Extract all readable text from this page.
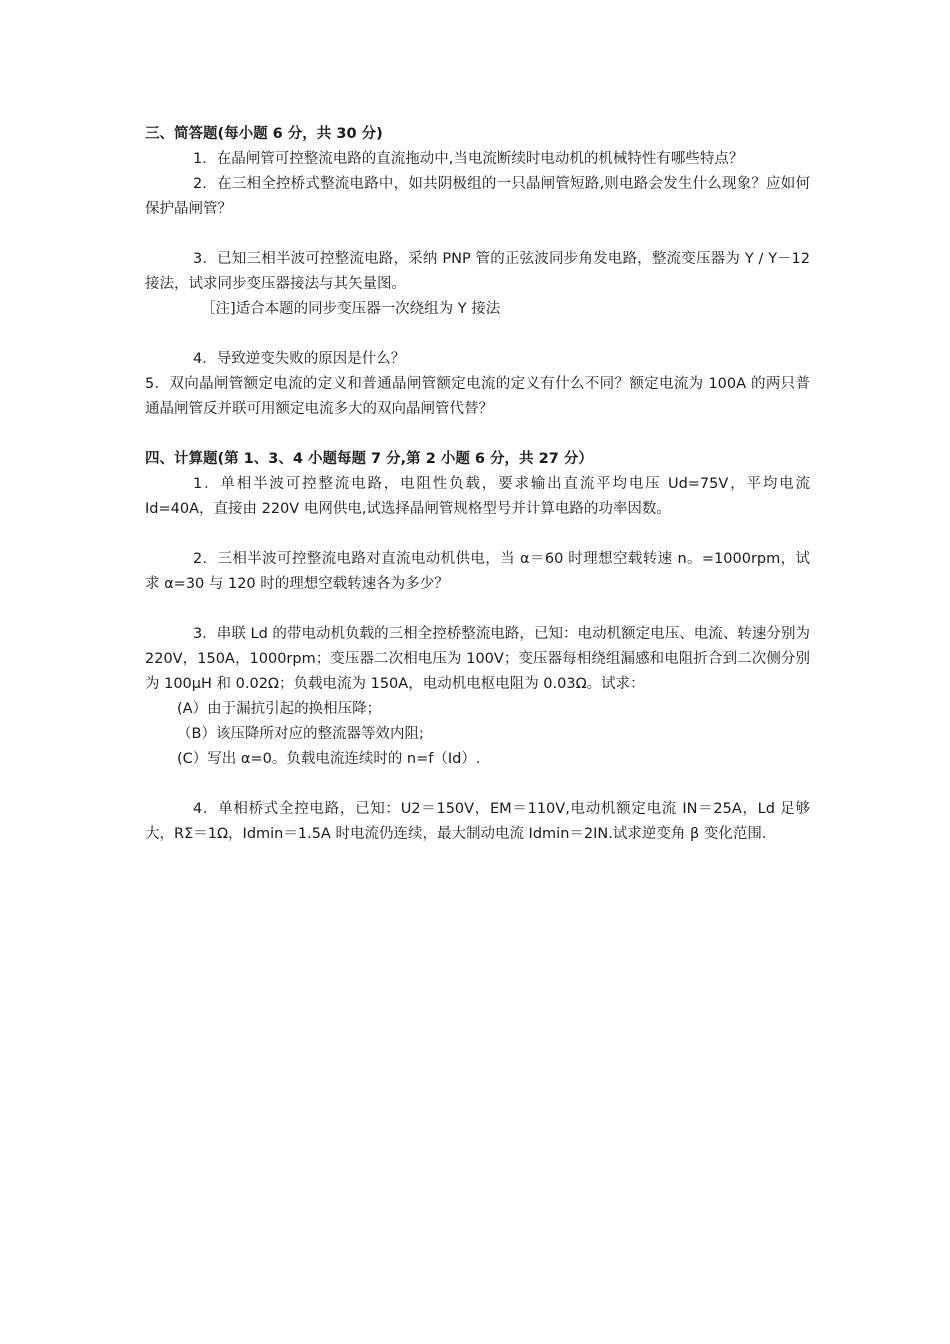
三、简答题(每小题 6 分，共 30 分)

1．在晶闸管可控整流电路的直流拖动中,当电流断续时电动机的机械特性有哪些特点？

2．在三相全控桥式整流电路中，如共阴极组的一只晶闸管短路,则电路会发生什么现象？应如何保护晶闸管？

3．已知三相半波可控整流电路，采纳 PNP 管的正弦波同步角发电路，整流变压器为 Y / Y－12 接法，试求同步变压器接法与其矢量图。

［注]适合本题的同步变压器一次绕组为 Y 接法

4．导致逆变失败的原因是什么？

5．双向晶闸管额定电流的定义和普通晶闸管额定电流的定义有什么不同？额定电流为 100A 的两只普通晶闸管反并联可用额定电流多大的双向晶闸管代替？

四、计算题(第 1、3、4 小题每题 7 分,第 2 小题 6 分，共 27 分）

1．单相半波可控整流电路，电阻性负载，要求输出直流平均电压 Ud=75V，平均电流 Id=40A，直接由 220V 电网供电,试选择晶闸管规格型号并计算电路的功率因数。

2．三相半波可控整流电路对直流电动机供电，当 α＝60 时理想空载转速 n。=1000rpm，试求 α=30 与 120 时的理想空载转速各为多少？

3．串联 Ld 的带电动机负载的三相全控桥整流电路，已知：电动机额定电压、电流、转速分别为 220V，150A，1000rpm；变压器二次相电压为 100V；变压器每相绕组漏感和电阻折合到二次侧分别为 100μH 和 0.02Ω；负载电流为 150A，电动机电枢电阻为 0.03Ω。试求：

(A）由于漏抗引起的换相压降；

（B）该压降所对应的整流器等效内阻;

(C）写出 α=0。负载电流连续时的 n=f（Id）.

4．单相桥式全控电路，已知：U2＝150V，EM＝110V,电动机额定电流 IN＝25A，Ld 足够大，RΣ＝1Ω，Idmin＝1.5A 时电流仍连续，最大制动电流 Idmin＝2IN.试求逆变角 β 变化范围.
